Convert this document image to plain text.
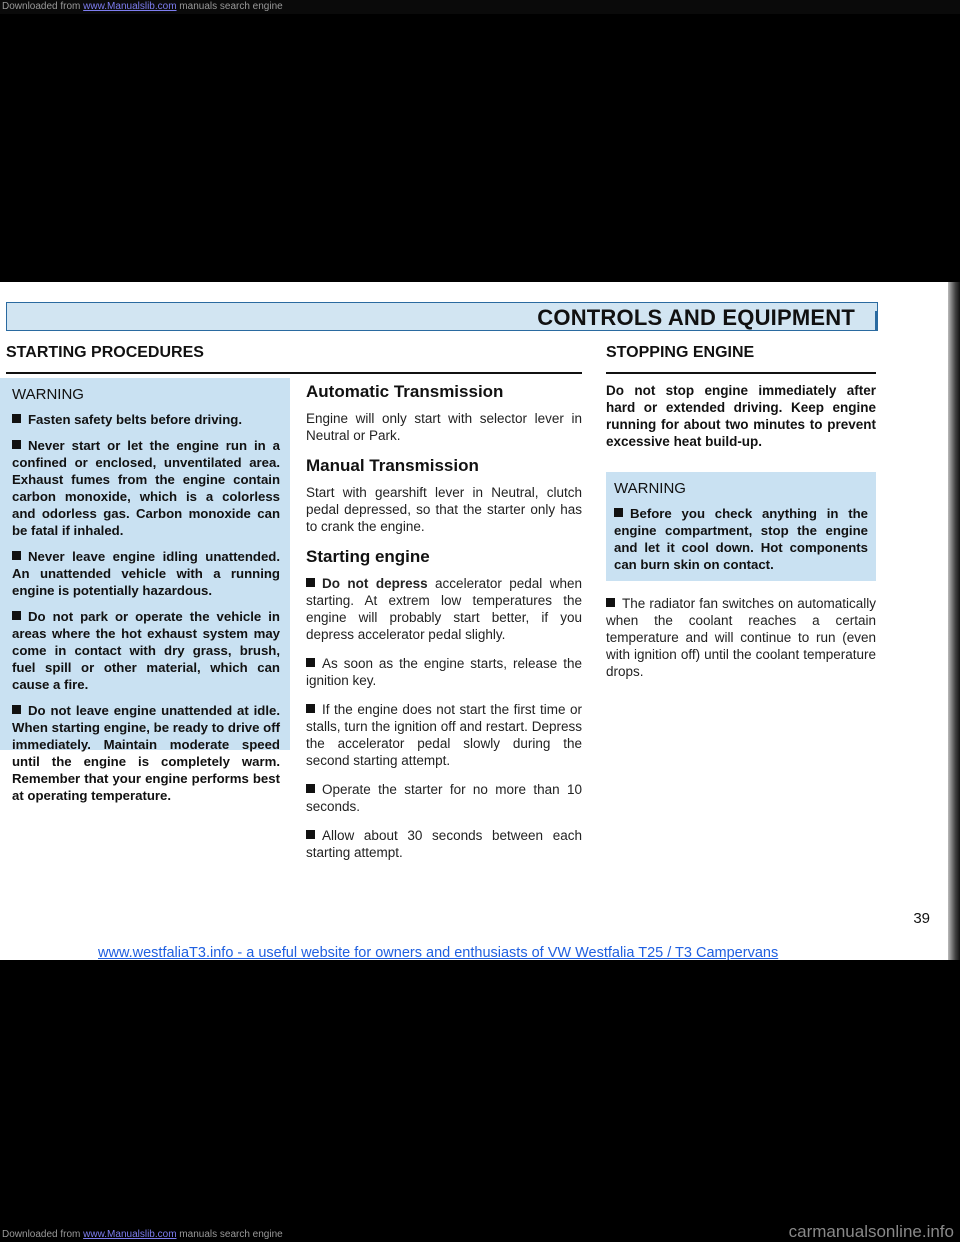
Downloaded from www.Manualslib.com manuals search engine
CONTROLS AND EQUIPMENT
STARTING PROCEDURES
WARNING
Fasten safety belts before driving.
Never start or let the engine run in a confined or enclosed, unventilated area. Exhaust fumes from the engine contain carbon monoxide, which is a colorless and odorless gas. Carbon monoxide can be fatal if inhaled.
Never leave engine idling unattended. An unattended vehicle with a running engine is potentially hazardous.
Do not park or operate the vehicle in areas where the hot exhaust system may come in contact with dry grass, brush, fuel spill or other material, which can cause a fire.
Do not leave engine unattended at idle. When starting engine, be ready to drive off immediately. Maintain moderate speed until the engine is completely warm. Remember that your engine performs best at operating temperature.
Automatic Transmission

Engine will only start with selector lever in Neutral or Park.

Manual Transmission

Start with gearshift lever in Neutral, clutch pedal depressed, so that the starter only has to crank the engine.

Starting engine

Do not depress accelerator pedal when starting. At extrem low temperatures the engine will probably start better, if you depress accelerator pedal slighly.

As soon as the engine starts, release the ignition key.

If the engine does not start the first time or stalls, turn the ignition off and restart. Depress the accelerator pedal slowly during the second starting attempt.

Operate the starter for no more than 10 seconds.

Allow about 30 seconds between each starting attempt.

STOPPING ENGINE

Do not stop engine immediately after hard or extended driving. Keep engine running for about two minutes to prevent excessive heat build-up.

WARNING
Before you check anything in the engine compartment, stop the engine and let it cool down. Hot components can burn skin on contact.

The radiator fan switches on automatically when the coolant reaches a certain temperature and will continue to run (even with ignition off) until the coolant temperature drops.

39
www.westfaliaT3.info - a useful website for owners and enthusiasts of VW Westfalia T25 / T3 Campervans
Downloaded from www.Manualslib.com manuals search engine	carmanualsonline.info
